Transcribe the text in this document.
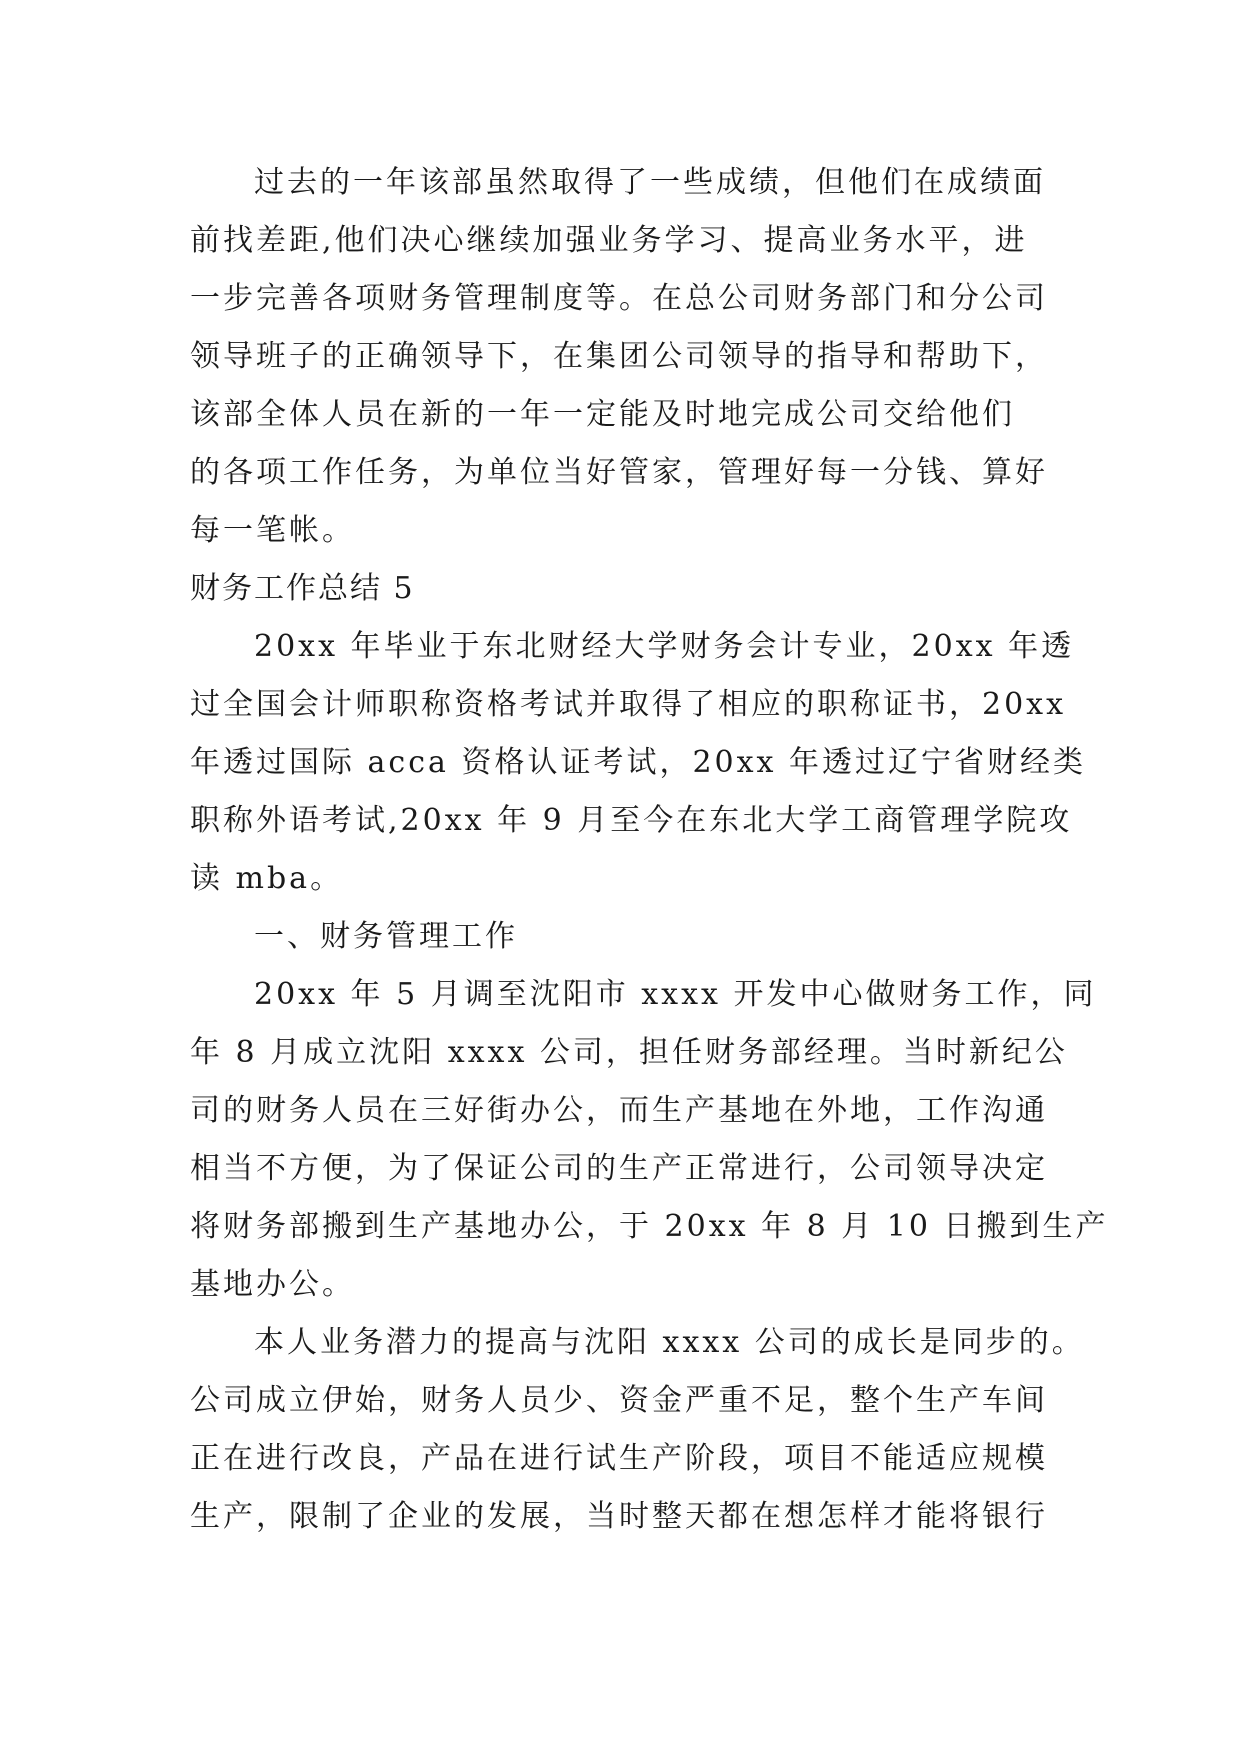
过去的一年该部虽然取得了一些成绩，但他们在成绩面
前找差距,他们决心继续加强业务学习、提高业务水平，进
一步完善各项财务管理制度等。在总公司财务部门和分公司
领导班子的正确领导下，在集团公司领导的指导和帮助下，
该部全体人员在新的一年一定能及时地完成公司交给他们
的各项工作任务，为单位当好管家，管理好每一分钱、算好
每一笔帐。
财务工作总结 5
20xx 年毕业于东北财经大学财务会计专业，20xx 年透
过全国会计师职称资格考试并取得了相应的职称证书，20xx
年透过国际 acca 资格认证考试，20xx 年透过辽宁省财经类
职称外语考试,20xx 年 9 月至今在东北大学工商管理学院攻
读 mba。
一、财务管理工作
20xx 年 5 月调至沈阳市 xxxx 开发中心做财务工作，同
年 8 月成立沈阳 xxxx 公司，担任财务部经理。当时新纪公
司的财务人员在三好街办公，而生产基地在外地，工作沟通
相当不方便，为了保证公司的生产正常进行，公司领导决定
将财务部搬到生产基地办公，于 20xx 年 8 月 10 日搬到生产
基地办公。
本人业务潜力的提高与沈阳 xxxx 公司的成长是同步的。
公司成立伊始，财务人员少、资金严重不足，整个生产车间
正在进行改良，产品在进行试生产阶段，项目不能适应规模
生产，限制了企业的发展，当时整天都在想怎样才能将银行
